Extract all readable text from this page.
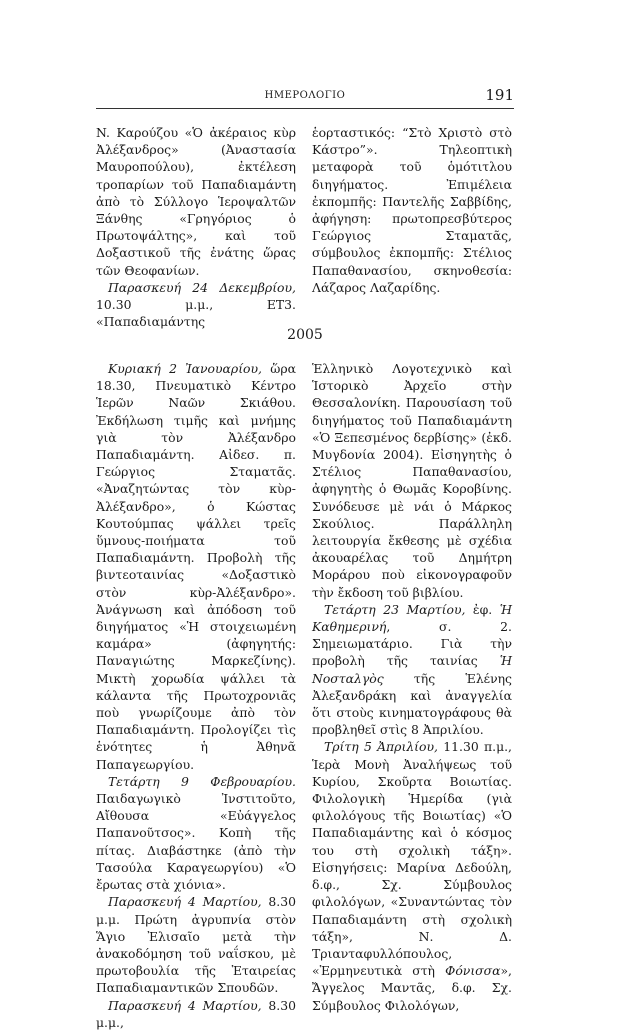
ΗΜΕΡΟΛΟΓΙΟ	191

N. Καρούζου «Ὁ ἀκέραιος κὺρ Ἀλέξανδρος» (Ἀναστασία Μαυροπούλου), ἐκτέλεση τροπαρίων τοῦ Παπαδιαμάντη ἀπὸ τὸ Σύλλογο Ἱεροψαλτῶν Ξάνθης «Γρηγόριος ὁ Πρωτοψάλτης», καὶ τοῦ Δοξαστικοῦ τῆς ἐνάτης ὥρας τῶν Θεοφανίων.

Παρασκευή 24 Δεκεμβρίου, 10.30 μ.μ., ΕΤ3. «Παπαδιαμάντης

ἑορταστικός: “Στὸ Χριστὸ στὸ Κάστρο”». Τηλεοπτικὴ μεταφορὰ τοῦ ὁμότιτλου διηγήματος. Ἐπιμέλεια ἐκπομπῆς: Παντελῆς Σαββίδης, ἀφήγηση: πρωτοπρεσβύτερος Γεώργιος Σταματᾶς, σύμβουλος ἐκπομπῆς: Στέλιος Παπαθανασίου, σκηνοθεσία: Λάζαρος Λαζαρίδης.

2005

Κυριακή 2 Ἰανουαρίου, ὥρα 18.30, Πνευματικὸ Κέντρο Ἱερῶν Ναῶν Σκιάθου. Ἐκδήλωση τιμῆς καὶ μνήμης γιὰ τὸν Ἀλέξανδρο Παπαδιαμάντη. Αἰδεσ. π. Γεώργιος Σταματᾶς. «Ἀναζητώντας τὸν κὺρ-Ἀλέξανδρο», ὁ Κώστας Κουτούμπας ψάλλει τρεῖς ὕμνους-ποιήματα τοῦ Παπαδιαμάντη. Προβολὴ τῆς βιντεοταινίας «Δοξαστικὸ στὸν κὺρ-Ἀλέξανδρο». Ἀνάγνωση καὶ ἀπόδοση τοῦ διηγήματος «Ἡ στοιχειωμένη καμάρα» (ἀφηγητής: Παναγιώτης Μαρκεζίνης). Μικτὴ χορωδία ψάλλει τὰ κάλαντα τῆς Πρωτοχρονιᾶς ποὺ γνωρίζουμε ἀπὸ τὸν Παπαδιαμάντη. Προλογίζει τὶς ἑνότητες ἡ Ἀθηνᾶ Παπαγεωργίου.

Τετάρτη 9 Φεβρουαρίου. Παιδαγωγικὸ Ἰνστιτοῦτο, Αἴθουσα «Εὐάγγελος Παπανοῦτσος». Κοπὴ τῆς πίτας. Διαβάστηκε (ἀπὸ τὴν Τασούλα Καραγεωργίου) «Ὁ ἔρωτας στὰ χιόνια».

Παρασκευή 4 Μαρτίου, 8.30 μ.μ. Πρώτη ἀγρυπνία στὸν Ἅγιο Ἐλισαῖο μετὰ τὴν ἀνακοδόμηση τοῦ ναΐσκου, μὲ πρωτοβουλία τῆς Ἑταιρείας Παπαδιαμαντικῶν Σπουδῶν.

Παρασκευή 4 Μαρτίου, 8.30 μ.μ.,

Ἑλληνικὸ Λογοτεχνικὸ καὶ Ἱστορικὸ Ἀρχεῖο στὴν Θεσσαλονίκη. Παρουσίαση τοῦ διηγήματος τοῦ Παπαδιαμάντη «Ὁ Ξεπεσμένος δερβίσης» (ἐκδ. Μυγδονία 2004). Εἰσηγητὴς ὁ Στέλιος Παπαθανασίου, ἀφηγητὴς ὁ Θωμᾶς Κοροβίνης. Συνόδευσε μὲ νάι ὁ Μάρκος Σκούλιος. Παράλληλη λειτουργία ἔκθεσης μὲ σχέδια ἀκουαρέλας τοῦ Δημήτρη Μοράρου ποὺ εἰκονογραφοῦν τὴν ἔκδοση τοῦ βιβλίου.

Τετάρτη 23 Μαρτίου, ἐφ. Ἡ Καθημερινή, σ. 2. Σημειωματάριο. Γιὰ τὴν προβολὴ τῆς ταινίας Ἡ Νοσταλγὸς τῆς Ἑλένης Ἀλεξανδράκη καὶ ἀναγγελία ὅτι στοὺς κινηματογράφους θὰ προβληθεῖ στὶς 8 Ἀπριλίου.

Τρίτη 5 Ἀπριλίου, 11.30 π.μ., Ἱερὰ Μονὴ Ἀναλήψεως τοῦ Κυρίου, Σκοῦρτα Βοιωτίας. Φιλολογικὴ Ἡμερίδα (γιὰ φιλολόγους τῆς Βοιωτίας) «Ὁ Παπαδιαμάντης καὶ ὁ κόσμος του στὴ σχολικὴ τάξη». Εἰσηγήσεις: Μαρίνα Δεδούλη, δ.φ., Σχ. Σύμβουλος φιλολόγων, «Συναντώντας τὸν Παπαδιαμάντη στὴ σχολικὴ τάξη», Ν. Δ. Τριανταφυλλόπουλος, «Ἑρμηνευτικὰ στὴ Φόνισσα», Ἄγγελος Μαντᾶς, δ.φ. Σχ. Σύμβουλος Φιλολόγων,
